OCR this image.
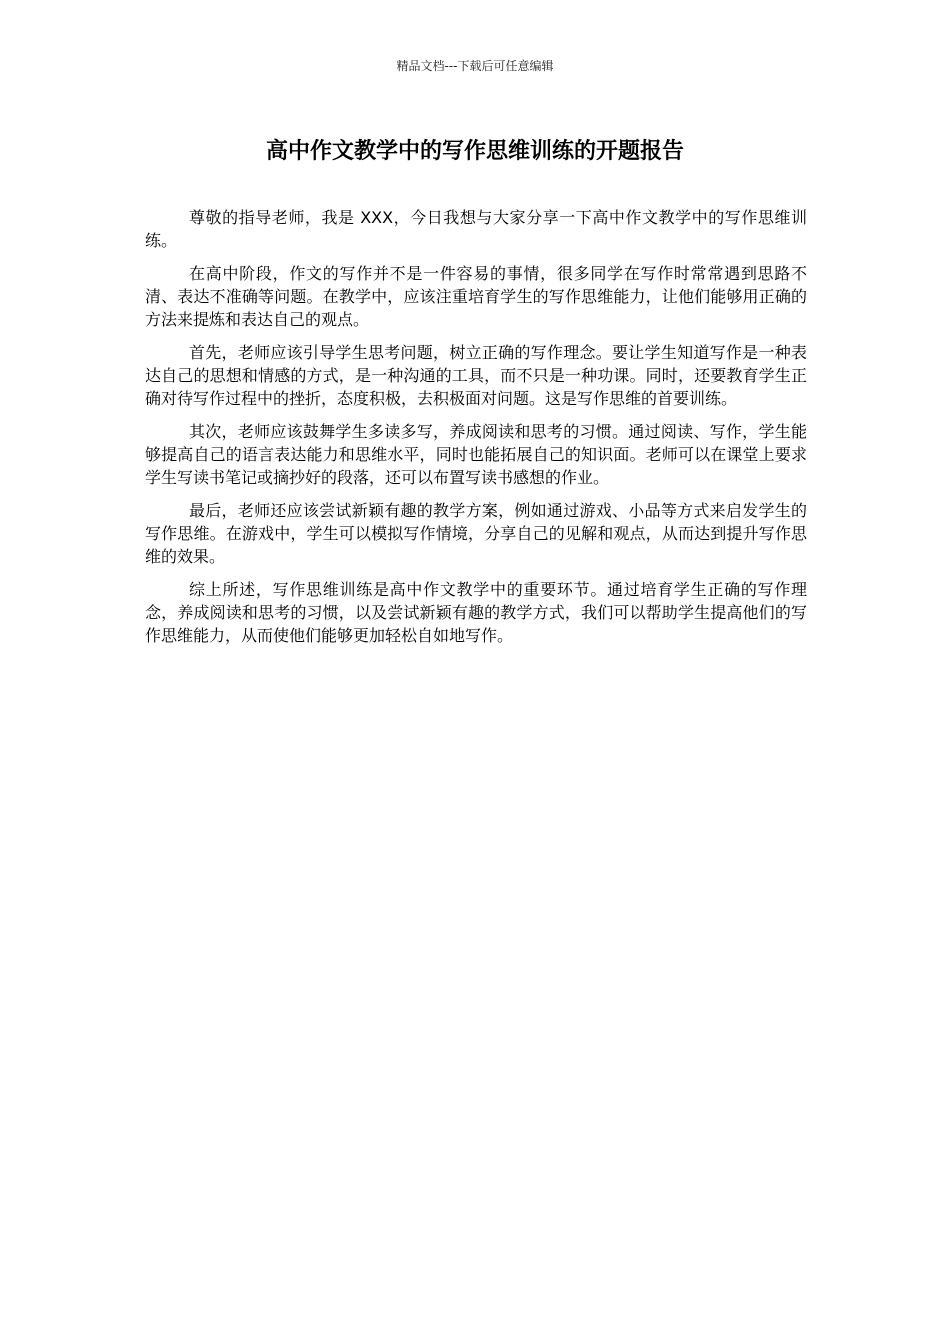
精品文档---下载后可任意编辑
高中作文教学中的写作思维训练的开题报告

尊敬的指导老师，我是 XXX，今日我想与大家分享一下高中作文教学中的写作思维训练。

在高中阶段，作文的写作并不是一件容易的事情，很多同学在写作时常常遇到思路不清、表达不准确等问题。在教学中，应该注重培育学生的写作思维能力，让他们能够用正确的方法来提炼和表达自己的观点。

首先，老师应该引导学生思考问题，树立正确的写作理念。要让学生知道写作是一种表达自己的思想和情感的方式，是一种沟通的工具，而不只是一种功课。同时，还要教育学生正确对待写作过程中的挫折，态度积极，去积极面对问题。这是写作思维的首要训练。

其次，老师应该鼓舞学生多读多写，养成阅读和思考的习惯。通过阅读、写作，学生能够提高自己的语言表达能力和思维水平，同时也能拓展自己的知识面。老师可以在课堂上要求学生写读书笔记或摘抄好的段落，还可以布置写读书感想的作业。

最后，老师还应该尝试新颖有趣的教学方案，例如通过游戏、小品等方式来启发学生的写作思维。在游戏中，学生可以模拟写作情境，分享自己的见解和观点，从而达到提升写作思维的效果。

综上所述，写作思维训练是高中作文教学中的重要环节。通过培育学生正确的写作理念，养成阅读和思考的习惯，以及尝试新颖有趣的教学方式，我们可以帮助学生提高他们的写作思维能力，从而使他们能够更加轻松自如地写作。
